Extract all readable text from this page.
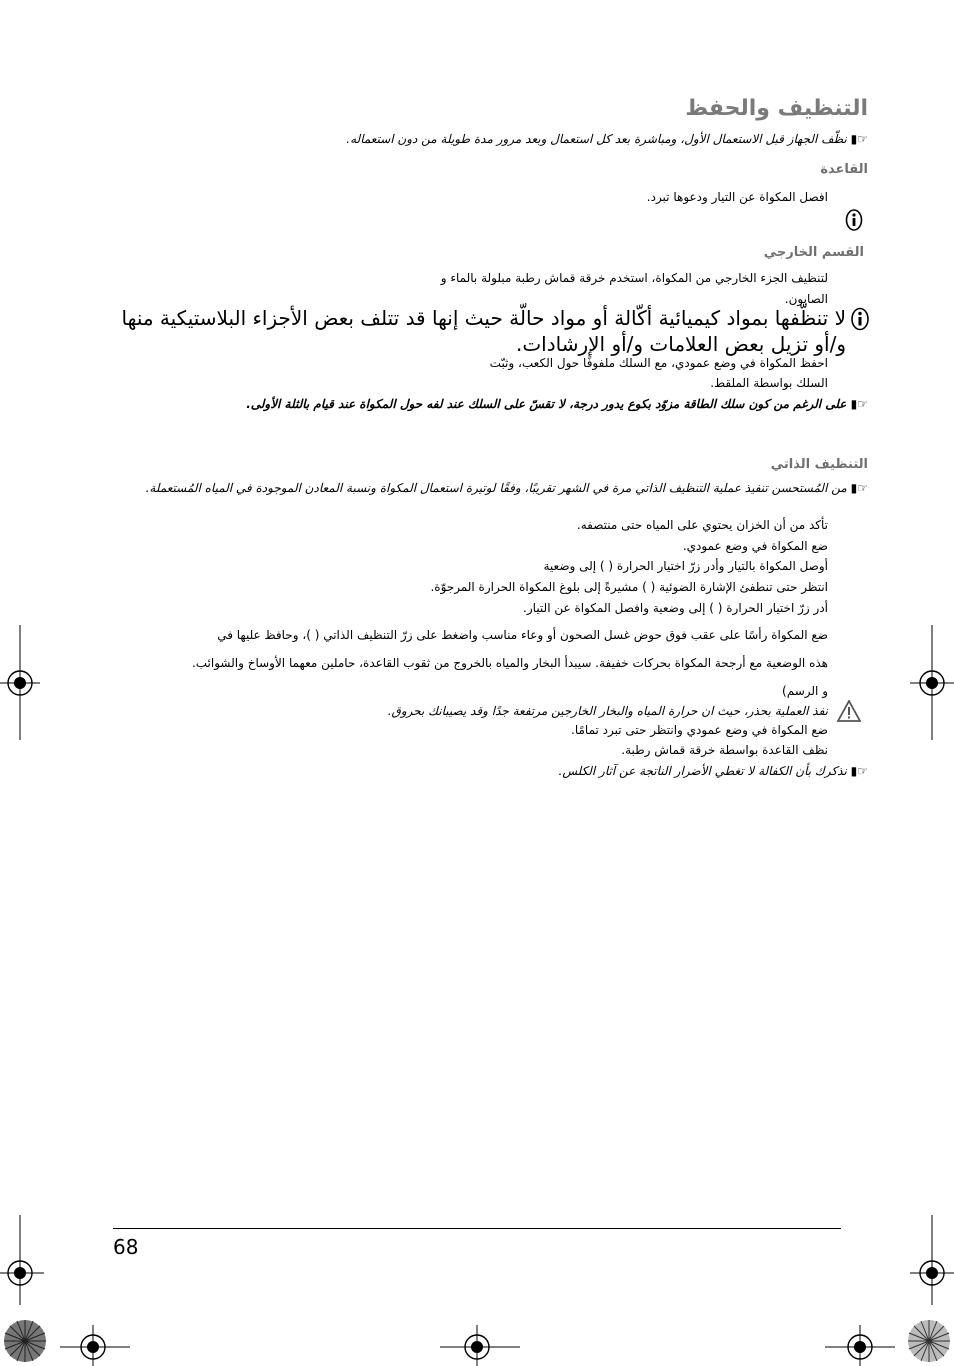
التنظيف والحفظ
☞▮ نظّف الجهاز قبل الاستعمال الأول، ومباشرة بعد كل استعمال وبعد مرور مدة طويلة من دون استعماله.
القاعدة
افصل المكواة عن التيار ودعوها تبرد.
القسم الخارجي
لتنظيف الجزء الخارجي من المكواة، استخدم خرقة قماش رطبة مبلولة بالماء و
الصابون.
لا تنظّفها بمواد كيميائية أكّالة أو مواد حالّة حيث إنها قد تتلف بعض الأجزاء البلاستيكية منها و/أو تزيل بعض العلامات و/أو الإرشادات.
احفظ المكواة في وضع عمودي، مع السلك ملفوفًا حول الكعب، وثبّت
السلك بواسطة الملقط.
☞▮ على الرغم من كون سلك الطاقة مزوّد بكوع يدور درجة، لا تقسّ على السلك عند لفه حول المكواة عند قيام بالثلة الأولى.
التنظيف الذاتي
☞▮ من المُستحسن تنفيذ عملية التنظيف الذاتي مرة في الشهر تقريبًا، وفقًا لوتيرة استعمال المكواة ونسبة المعادن الموجودة في المياه المُستعملة.
تأكد من أن الخزان يحتوي على المياه حتى منتصفه.
ضع المكواة في وضع عمودي.
أوصل المكواة بالتيار وأدر زرّ اختيار الحرارة ( ) إلى وضعية
انتظر حتى تنطفئ الإشارة الضوئية ( ) مشيرةً إلى بلوغ المكواة الحرارة المرجوّة.
أدر زرّ اختيار الحرارة ( ) إلى وضعية وافصل المكواة عن التيار.
ضع المكواة رأسًا على عقب فوق حوض غسل الصحون أو وعاء مناسب واضغط على زرّ التنظيف الذاتي ( )، وحافظ عليها في
هذه الوضعية مع أرجحة المكواة بحركات خفيفة. سيبدأ البخار والمياه بالخروج من ثقوب القاعدة، حاملين معهما الأوساخ والشوائب.
و الرسم)
نفذ العملية بحذر، حيث ان حرارة المياه والبخار الخارجين مرتفعة جدًا وقد يصيبانك بحروق.
ضع المكواة في وضع عمودي وانتظر حتى تبرد تمامًا.
نظف القاعدة بواسطة خرقة قماش رطبة.
☞▮ نذكرك بأن الكفالة لا تغطي الأضرار الناتجة عن آثار الكلس.
68
